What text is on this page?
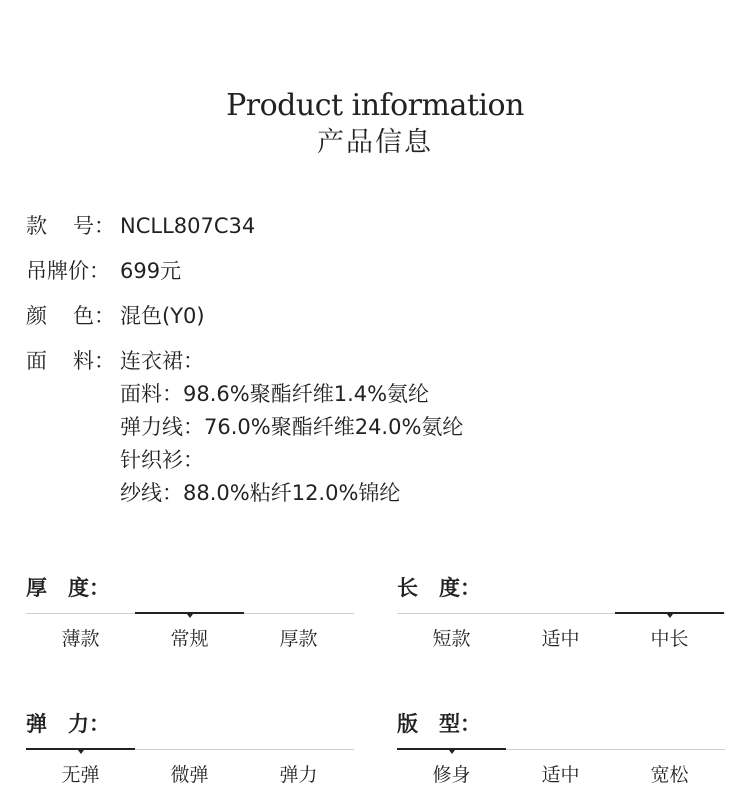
Product information
产品信息
款 号： NCLL807C34
吊牌价： 699元
颜 色： 混色(Y0)
面 料： 连衣裙：
面料：98.6%聚酯纤维1.4%氨纶
弹力线：76.0%聚酯纤维24.0%氨纶
针织衫：
纱线：88.0%粘纤12.0%锦纶
厚 度：
薄款	常规	厚款
长 度：
短款	适中	中长
弹 力：
无弹	微弹	弹力
版 型：
修身	适中	宽松
